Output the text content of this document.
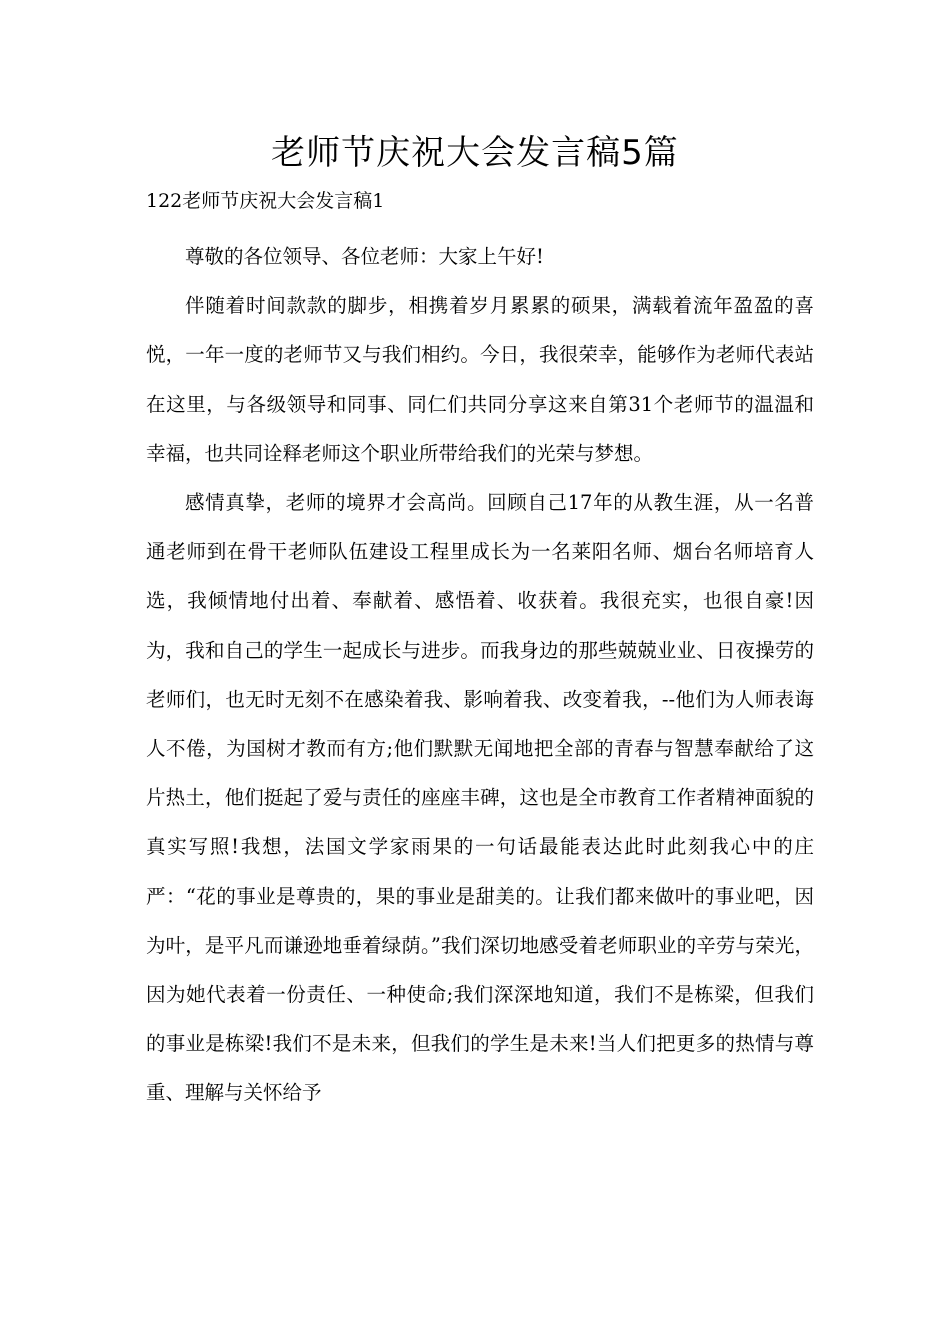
老师节庆祝大会发言稿5篇
122老师节庆祝大会发言稿1

尊敬的各位领导、各位老师：大家上午好!

伴随着时间款款的脚步，相携着岁月累累的硕果，满载着流年盈盈的喜悦，一年一度的老师节又与我们相约。今日，我很荣幸，能够作为老师代表站在这里，与各级领导和同事、同仁们共同分享这来自第31个老师节的温温和幸福，也共同诠释老师这个职业所带给我们的光荣与梦想。

感情真挚，老师的境界才会高尚。回顾自己17年的从教生涯，从一名普通老师到在骨干老师队伍建设工程里成长为一名莱阳名师、烟台名师培育人选，我倾情地付出着、奉献着、感悟着、收获着。我很充实，也很自豪!因为，我和自己的学生一起成长与进步。而我身边的那些兢兢业业、日夜操劳的老师们，也无时无刻不在感染着我、影响着我、改变着我，--他们为人师表诲人不倦，为国树才教而有方;他们默默无闻地把全部的青春与智慧奉献给了这片热土，他们挺起了爱与责任的座座丰碑，这也是全市教育工作者精神面貌的真实写照!我想，法国文学家雨果的一句话最能表达此时此刻我心中的庄严：“花的事业是尊贵的，果的事业是甜美的。让我们都来做叶的事业吧，因为叶，是平凡而谦逊地垂着绿荫。”我们深切地感受着老师职业的辛劳与荣光，因为她代表着一份责任、一种使命;我们深深地知道，我们不是栋梁，但我们的事业是栋梁!我们不是未来，但我们的学生是未来!当人们把更多的热情与尊重、理解与关怀给予
